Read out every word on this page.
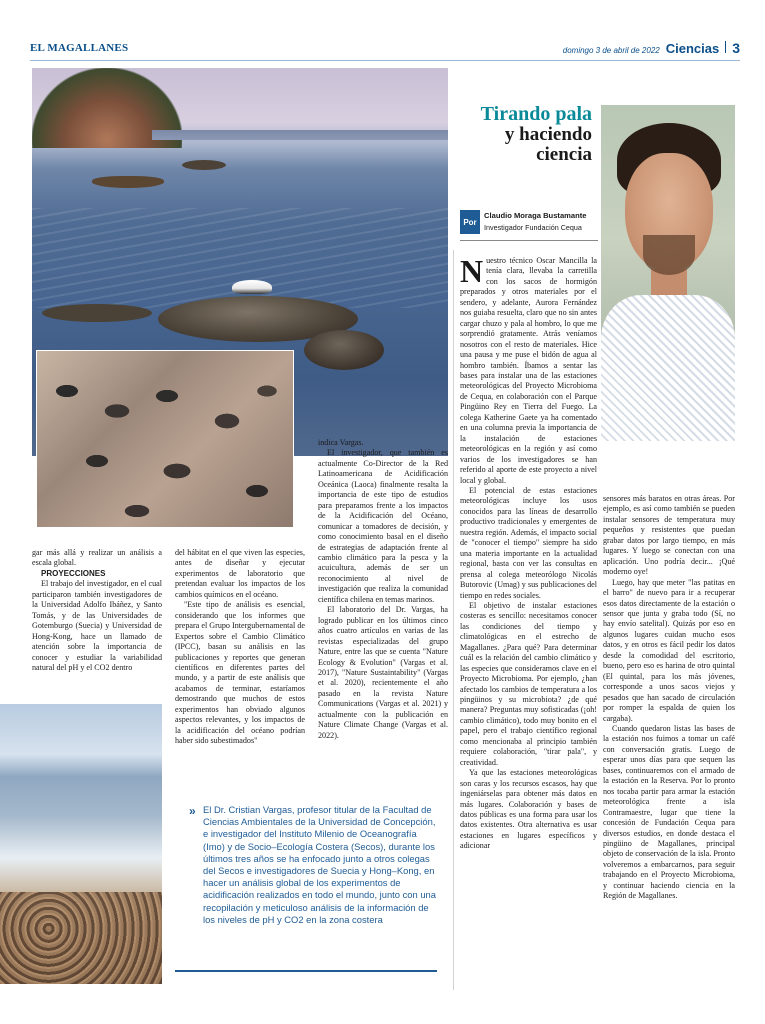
EL MAGALLANES	domingo 3 de abril de 2022 Ciencias 3
Tirando pala
y haciendo
ciencia
Por
Claudio Moraga Bustamante
Investigador Fundación Cequa

gar más allá y realizar un análisis a escala global.

PROYECCIONES

El trabajo del investigador, en el cual participaron también investigadores de la Universidad Adolfo Ibáñez, y Santo Tomás, y de las Universidades de Gotemburgo (Suecia) y Universidad de Hong-Kong, hace un llamado de atención sobre la importancia de conocer y estudiar la variabilidad natural del pH y el CO2 dentro

del hábitat en el que viven las especies, antes de diseñar y ejecutar experimentos de laboratorio que pretendan evaluar los impactos de los cambios químicos en el océano.

"Este tipo de análisis es esencial, considerando que los informes que prepara el Grupo Intergubernamental de Expertos sobre el Cambio Climático (IPCC), basan su análisis en las publicaciones y reportes que generan científicos en diferentes partes del mundo, y a partir de este análisis que acabamos de terminar, estaríamos demostrando que muchos de estos experimentos han obviado algunos aspectos relevantes, y los impactos de la acidificación del océano podrían haber sido subestimados"

indica Vargas.

El investigador, que también es actualmente Co-Director de la Red Latinoamericana de Acidificación Oceánica (Laoca) finalmente resalta la importancia de este tipo de estudios para preparamos frente a los impactos de la Acidificación del Océano, comunicar a tomadores de decisión, y como conocimiento basal en el diseño de estrategias de adaptación frente al cambio climático para la pesca y la acuicultura, además de ser un reconocimiento al nivel de investigación que realiza la comunidad científica chilena en temas marinos.

El laboratorio del Dr. Vargas, ha logrado publicar en los últimos cinco años cuatro artículos en varias de las revistas especializadas del grupo Nature, entre las que se cuenta "Nature Ecology & Evolution" (Vargas et al. 2017), "Nature Sustaintability" (Vargas et al. 2020), recientemente el año pasado en la revista Nature Communications (Vargas et al. 2021) y actualmente con la publicación en Nature Climate Change (Vargas et al. 2022).

Nuestro técnico Oscar Mancilla la tenía clara, llevaba la carretilla con los sacos de hormigón preparados y otros materiales por el sendero, y adelante, Aurora Fernández nos guiaba resuelta, claro que no sin antes cargar chuzo y pala al hombro, lo que me sorprendió gratamente. Atrás veníamos nosotros con el resto de materiales. Hice una pausa y me puse el bidón de agua al hombro también. Íbamos a sentar las bases para instalar una de las estaciones meteorológicas del Proyecto Microbioma de Cequa, en colaboración con el Parque Pingüino Rey en Tierra del Fuego. La colega Katherine Gaete ya ha comentado en una columna previa la importancia de la instalación de estaciones meteorológicas en la región y así como varios de los investigadores se han referido al aporte de este proyecto a nivel local y global.

El potencial de estas estaciones meteorológicas incluye los usos conocidos para las líneas de desarrollo productivo tradicionales y emergentes de nuestra región. Además, el impacto social de "conocer el tiempo" siempre ha sido una materia importante en la actualidad regional, basta con ver las consultas en prensa al colega meteorólogo Nicolás Butorovic (Umag) y sus publicaciones del tiempo en redes sociales.

El objetivo de instalar estaciones costeras es sencillo: necesitamos conocer las condiciones del tiempo y climatológicas en el estrecho de Magallanes. ¿Para qué? Para determinar cuál es la relación del cambio climático y las especies que consideramos clave en el Proyecto Microbioma. Por ejemplo, ¿han afectado los cambios de temperatura a los pingüinos y su microbiota? ¿de qué manera? Preguntas muy sofisticadas (¡oh! cambio climático), todo muy bonito en el papel, pero el trabajo científico regional como mencionaba al principio también requiere colaboración, "tirar pala", y creatividad.

Ya que las estaciones meteorológicas son caras y los recursos escasos, hay que ingeniárselas para obtener más datos en más lugares. Colaboración y bases de datos públicas es una forma para usar los datos existentes. Otra alternativa es usar estaciones en lugares específicos y adicionar

sensores más baratos en otras áreas. Por ejemplo, es así como también se pueden instalar sensores de temperatura muy pequeños y resistentes que puedan grabar datos por largo tiempo, en más lugares. Y luego se conectan con una aplicación. Uno podría decir... ¡Qué moderno oye!

Luego, hay que meter "las patitas en el barro" de nuevo para ir a recuperar esos datos directamente de la estación o sensor que junta y graba todo (Sí, no hay envío satelital). Quizás por eso en algunos lugares cuidan mucho esos datos, y en otros es fácil pedir los datos desde la comodidad del escritorio, bueno, pero eso es harina de otro quintal (El quintal, para los más jóvenes, corresponde a unos sacos viejos y pesados que han sacado de circulación por romper la espalda de quien los cargaba).

Cuando quedaron listas las bases de la estación nos fuimos a tomar un café con conversación gratis. Luego de esperar unos días para que sequen las bases, continuaremos con el armado de la estación en la Reserva. Por lo pronto nos tocaba partir para armar la estación meteorológica frente a isla Contramaestre, lugar que tiene la concesión de Fundación Cequa para diversos estudios, en donde destaca el pingüino de Magallanes, principal objeto de conservación de la isla. Pronto volveremos a embarcarnos, para seguir trabajando en el Proyecto Microbioma, y continuar haciendo ciencia en la Región de Magallanes.

» El Dr. Cristian Vargas, profesor titular de la Facultad de Ciencias Ambientales de la Universidad de Concepción, e investigador del Instituto Milenio de Oceanografía (Imo) y de Socio–Ecología Costera (Secos), durante los últimos tres años se ha enfocado junto a otros colegas del Secos e investigadores de Suecia y Hong–Kong, en hacer un análisis global de los experimentos de acidificación realizados en todo el mundo, junto con una recopilación y meticuloso análisis de la información de los niveles de pH y CO2 en la zona costera
